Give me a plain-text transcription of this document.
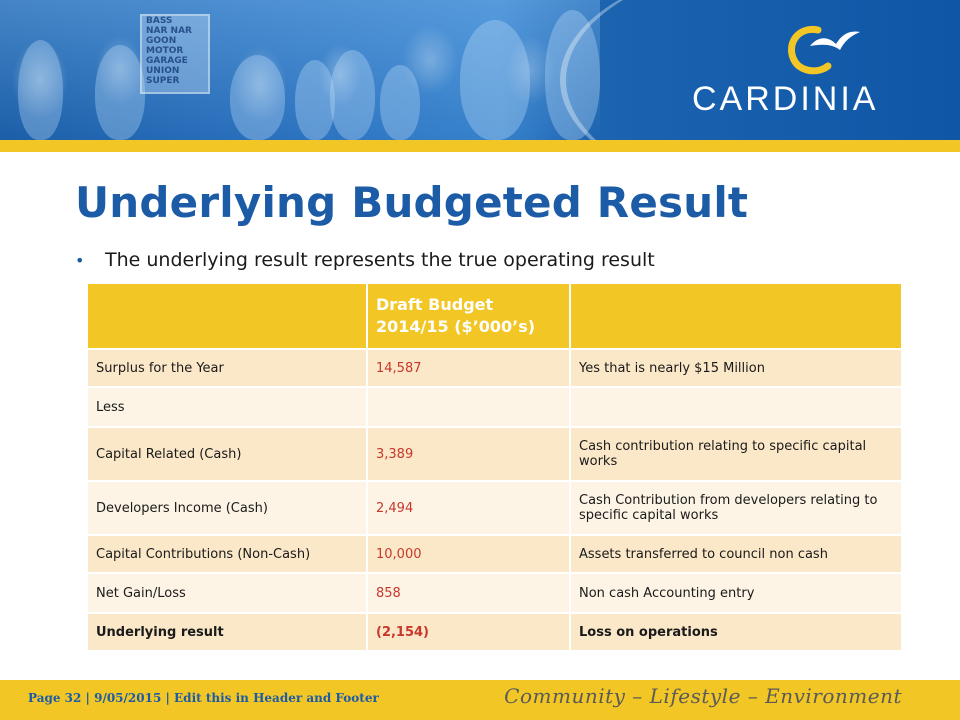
BASS
NAR NAR GOON
MOTOR GARAGE
UNION
SUPER	CARDINIA
Underlying Budgeted Result
• The underlying result represents the true operating result
	Draft Budget 2014/15 ($’000’s)	
Surplus for the Year	14,587	Yes that is nearly $15 Million
Less		
Capital Related (Cash)	3,389	Cash contribution relating to specific capital works
Developers Income (Cash)	2,494	Cash Contribution from developers relating to specific capital works
Capital Contributions (Non-Cash)	10,000	Assets transferred to council non cash
Net Gain/Loss	858	Non cash Accounting entry
Underlying result	(2,154)	Loss on operations
Page 32 | 9/05/2015 | Edit this in Header and Footer	Community – Lifestyle – Environment
